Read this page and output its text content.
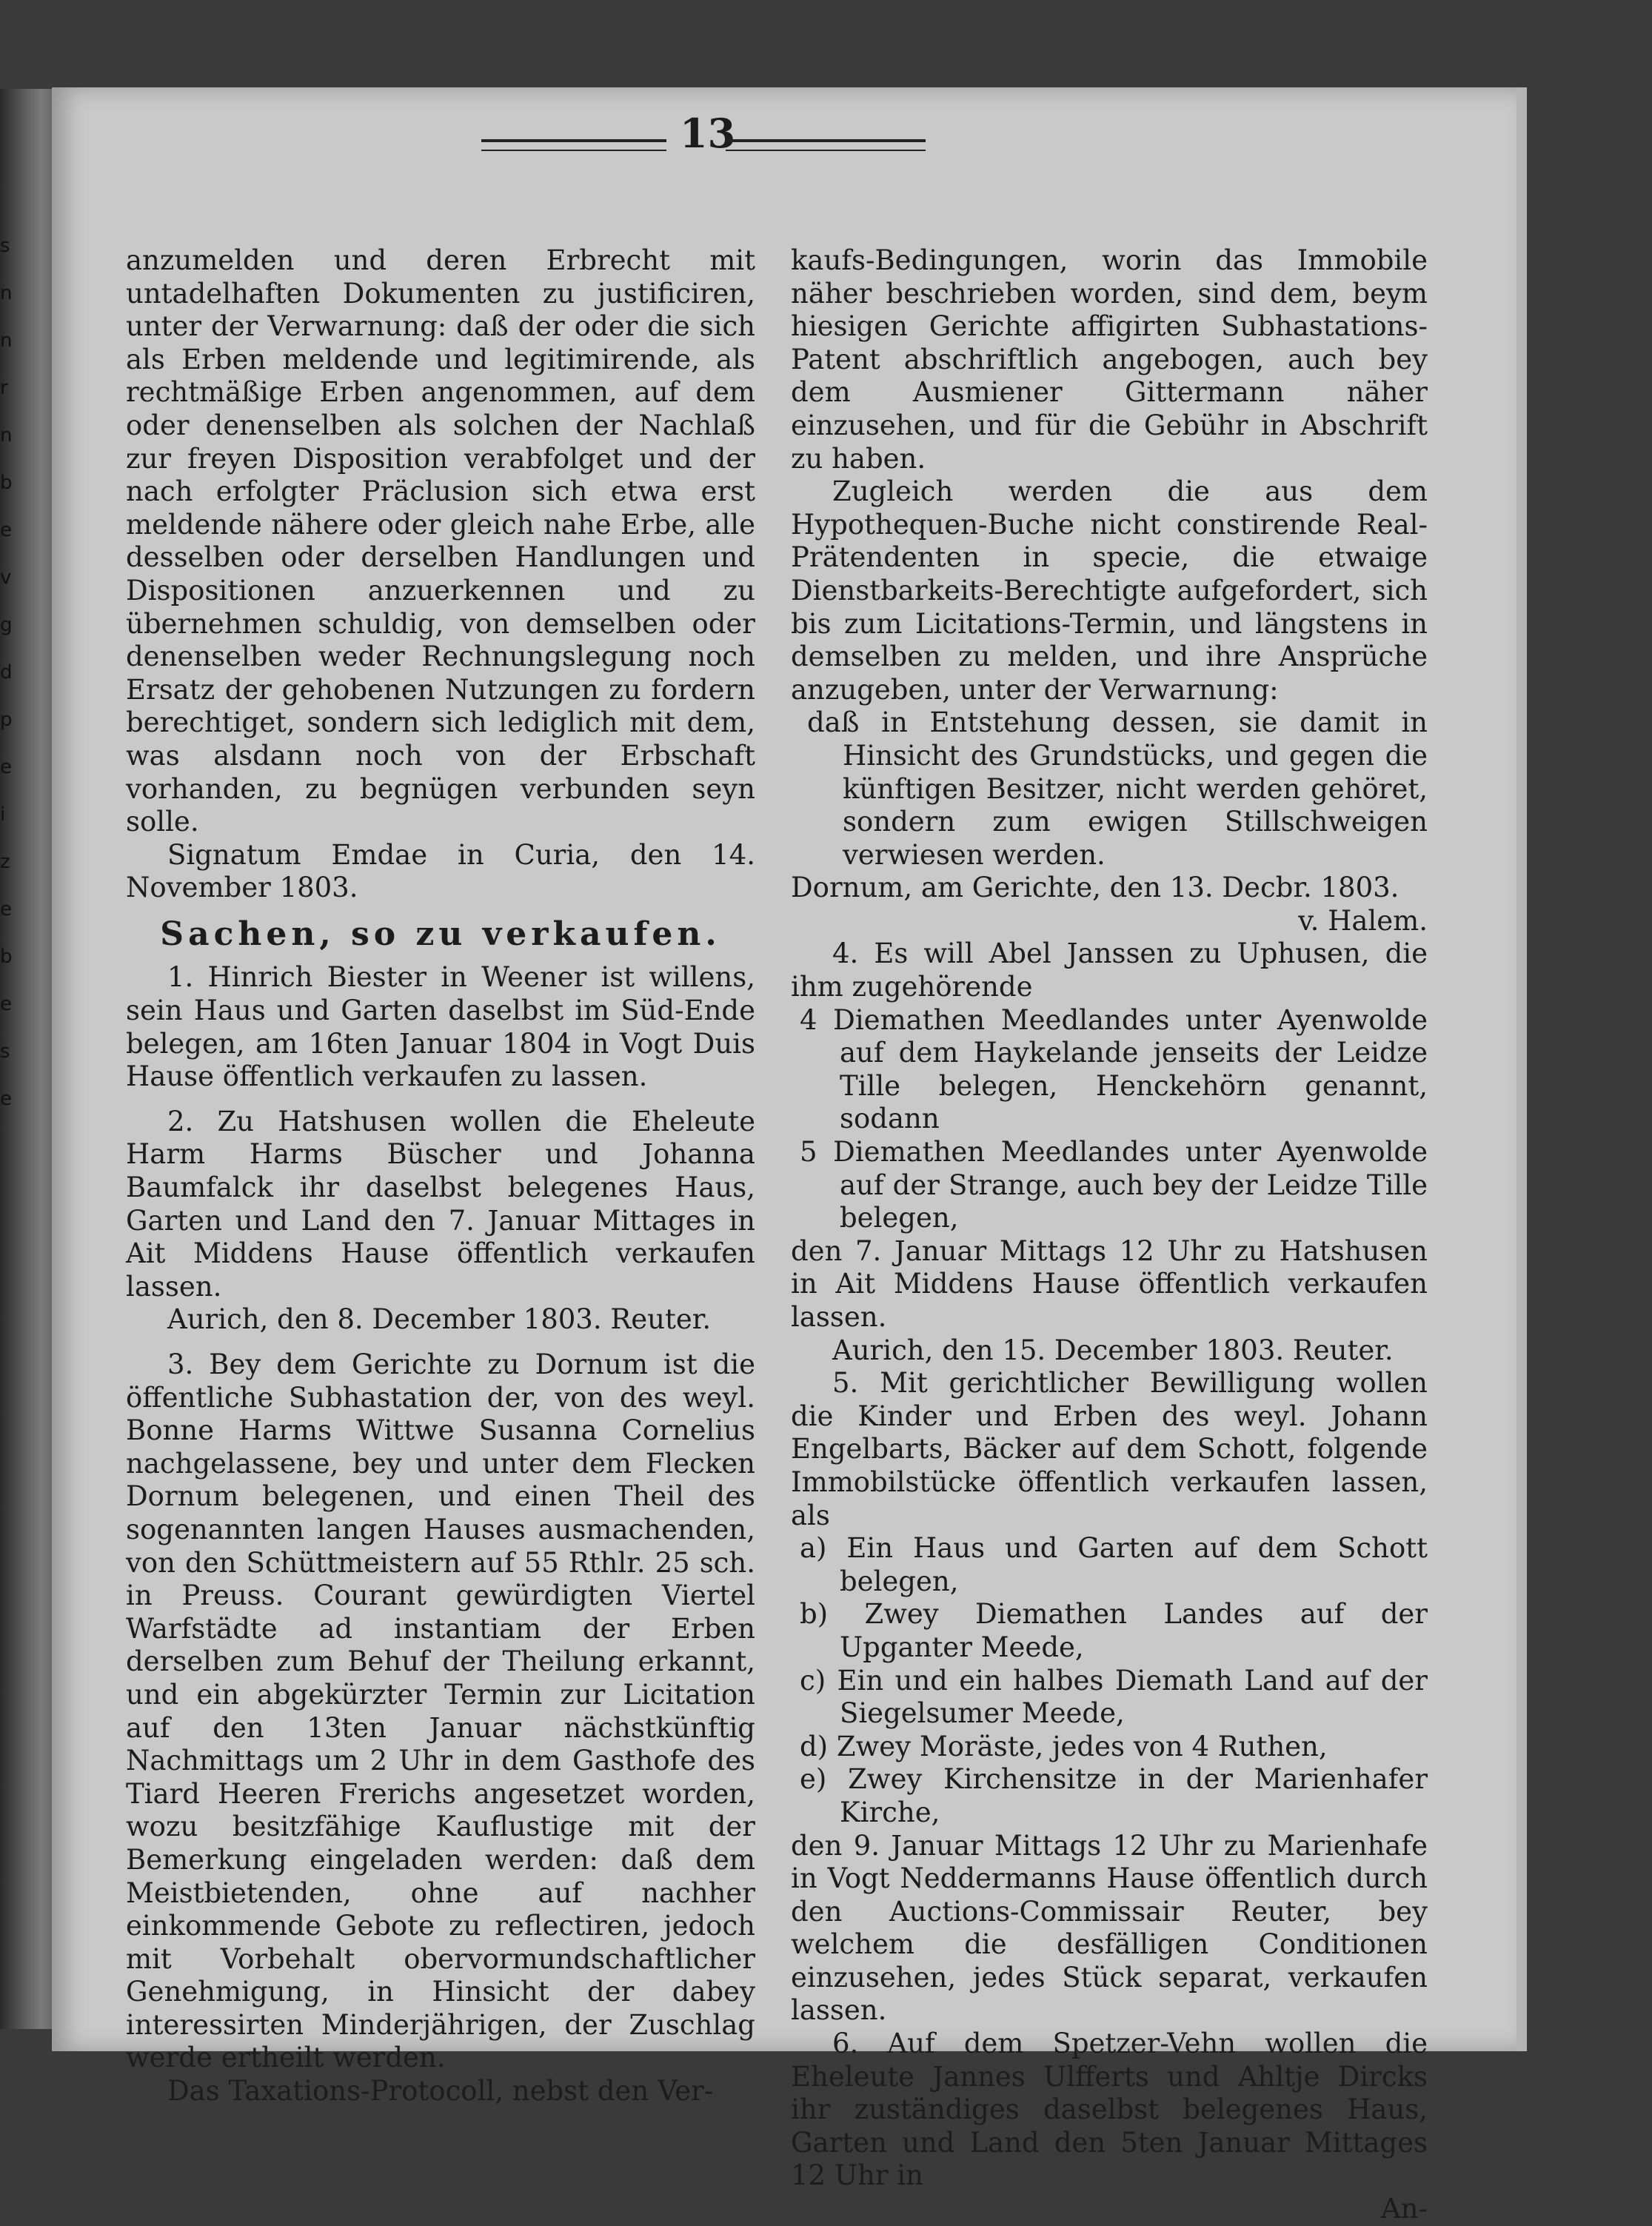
s
n
n
r
n
b
e
v
g
d
p
e
i
z
e
b
e
s
e
13

anzumelden und deren Erbrecht mit untadelhaften Dokumenten zu justificiren, unter der Verwarnung: daß der oder die sich als Erben meldende und legitimirende, als rechtmäßige Erben angenommen, auf dem oder denenselben als solchen der Nachlaß zur freyen Disposition verabfolget und der nach erfolgter Präclusion sich etwa erst meldende nähere oder gleich nahe Erbe, alle desselben oder derselben Handlungen und Dispositionen anzuerkennen und zu übernehmen schuldig, von demselben oder denenselben weder Rechnungslegung noch Ersatz der gehobenen Nutzungen zu fordern berechtiget, sondern sich lediglich mit dem, was alsdann noch von der Erbschaft vorhanden, zu begnügen verbunden seyn solle.

Signatum Emdae in Curia, den 14. November 1803.

Sachen, so zu verkaufen.

1. Hinrich Biester in Weener ist willens, sein Haus und Garten daselbst im Süd-Ende belegen, am 16ten Januar 1804 in Vogt Duis Hause öffentlich verkaufen zu lassen.

2. Zu Hatshusen wollen die Eheleute Harm Harms Büscher und Johanna Baumfalck ihr daselbst belegenes Haus, Garten und Land den 7. Januar Mittages in Ait Middens Hause öffentlich verkaufen lassen.

Aurich, den 8. December 1803. Reuter.

3. Bey dem Gerichte zu Dornum ist die öffentliche Subhastation der, von des weyl. Bonne Harms Wittwe Susanna Cornelius nachgelassene, bey und unter dem Flecken Dornum belegenen, und einen Theil des sogenannten langen Hauses ausmachenden, von den Schüttmeistern auf 55 Rthlr. 25 sch. in Preuss. Courant gewürdigten Viertel Warfstädte ad instantiam der Erben derselben zum Behuf der Theilung erkannt, und ein abgekürzter Termin zur Licitation auf den 13ten Januar nächstkünftig Nachmittags um 2 Uhr in dem Gasthofe des Tiard Heeren Frerichs angesetzet worden, wozu besitzfähige Kauflustige mit der Bemerkung eingeladen werden: daß dem Meistbietenden, ohne auf nachher einkommende Gebote zu reflectiren, jedoch mit Vorbehalt obervormundschaftlicher Genehmigung, in Hinsicht der dabey interessirten Minderjährigen, der Zuschlag werde ertheilt werden.

Das Taxations-Protocoll, nebst den Ver-

kaufs-Bedingungen, worin das Immobile näher beschrieben worden, sind dem, beym hiesigen Gerichte affigirten Subhastations-Patent abschriftlich angebogen, auch bey dem Ausmiener Gittermann näher einzusehen, und für die Gebühr in Abschrift zu haben.

Zugleich werden die aus dem Hypothequen-Buche nicht constirende Real-Prätendenten in specie, die etwaige Dienstbarkeits-Berechtigte aufgefordert, sich bis zum Licitations-Termin, und längstens in demselben zu melden, und ihre Ansprüche anzugeben, unter der Verwarnung:

daß in Entstehung dessen, sie damit in Hinsicht des Grundstücks, und gegen die künftigen Besitzer, nicht werden gehöret, sondern zum ewigen Stillschweigen verwiesen werden.

Dornum, am Gerichte, den 13. Decbr. 1803.

v. Halem.

4. Es will Abel Janssen zu Uphusen, die ihm zugehörende

4 Diemathen Meedlandes unter Ayenwolde auf dem Haykelande jenseits der Leidze Tille belegen, Henckehörn genannt, sodann

5 Diemathen Meedlandes unter Ayenwolde auf der Strange, auch bey der Leidze Tille belegen,

den 7. Januar Mittags 12 Uhr zu Hatshusen in Ait Middens Hause öffentlich verkaufen lassen.

Aurich, den 15. December 1803. Reuter.

5. Mit gerichtlicher Bewilligung wollen die Kinder und Erben des weyl. Johann Engelbarts, Bäcker auf dem Schott, folgende Immobilstücke öffentlich verkaufen lassen, als

a) Ein Haus und Garten auf dem Schott belegen,

b) Zwey Diemathen Landes auf der Upganter Meede,

c) Ein und ein halbes Diemath Land auf der Siegelsumer Meede,

d) Zwey Moräste, jedes von 4 Ruthen,

e) Zwey Kirchensitze in der Marienhafer Kirche,

den 9. Januar Mittags 12 Uhr zu Marienhafe in Vogt Neddermanns Hause öffentlich durch den Auctions-Commissair Reuter, bey welchem die desfälligen Conditionen einzusehen, jedes Stück separat, verkaufen lassen.

6. Auf dem Spetzer-Vehn wollen die Eheleute Jannes Ulfferts und Ahltje Dircks ihr zuständiges daselbst belegenes Haus, Garten und Land den 5ten Januar Mittages 12 Uhr in

An-
